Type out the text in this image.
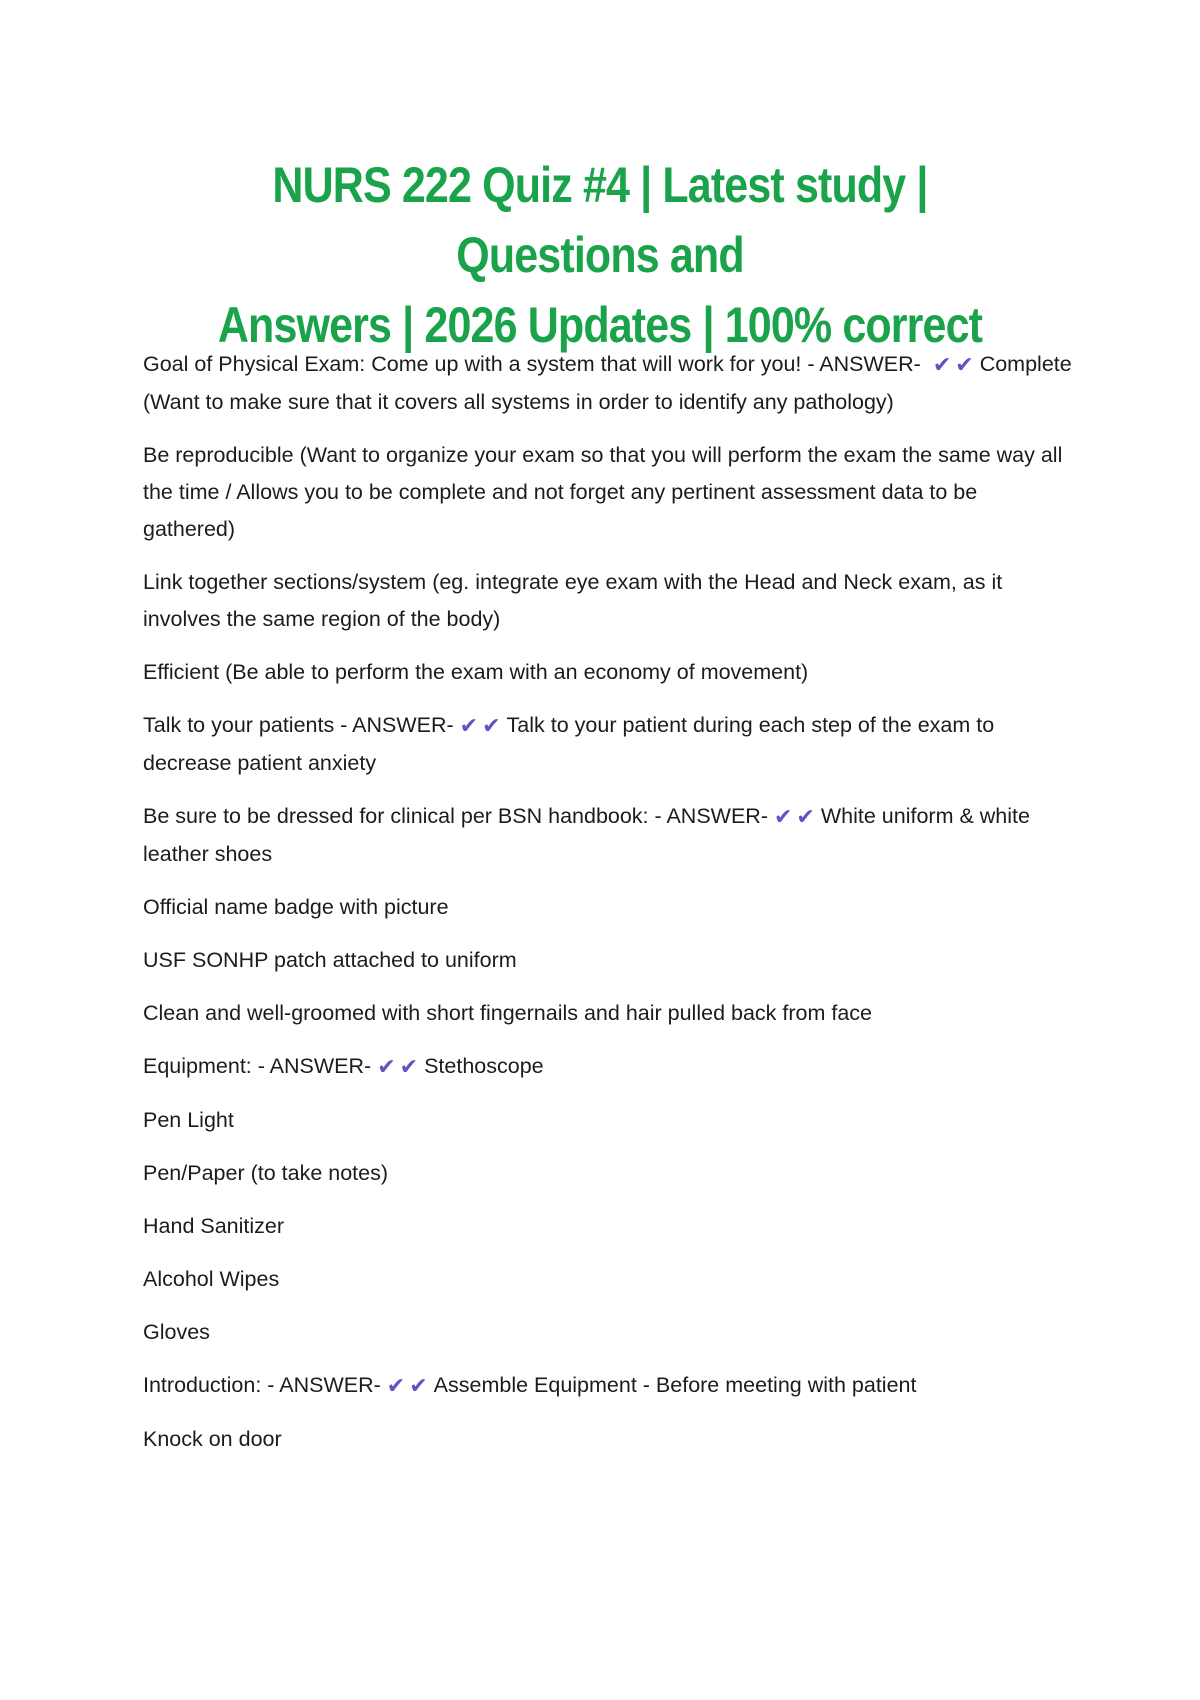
NURS 222 Quiz #4 | Latest study | Questions and
Answers | 2026 Updates | 100% correct

Goal of Physical Exam: Come up with a system that will work for you! - ANSWER- ✔ ✔ Complete (Want to make sure that it covers all systems in order to identify any pathology)

Be reproducible (Want to organize your exam so that you will perform the exam the same way all the time / Allows you to be complete and not forget any pertinent assessment data to be gathered)

Link together sections/system (eg. integrate eye exam with the Head and Neck exam, as it involves the same region of the body)

Efficient (Be able to perform the exam with an economy of movement)

Talk to your patients - ANSWER- ✔ ✔ Talk to your patient during each step of the exam to decrease patient anxiety

Be sure to be dressed for clinical per BSN handbook: - ANSWER- ✔ ✔ White uniform & white leather shoes

Official name badge with picture

USF SONHP patch attached to uniform

Clean and well-groomed with short fingernails and hair pulled back from face

Equipment: - ANSWER- ✔ ✔ Stethoscope

Pen Light

Pen/Paper (to take notes)

Hand Sanitizer

Alcohol Wipes

Gloves

Introduction: - ANSWER- ✔ ✔ Assemble Equipment - Before meeting with patient

Knock on door
